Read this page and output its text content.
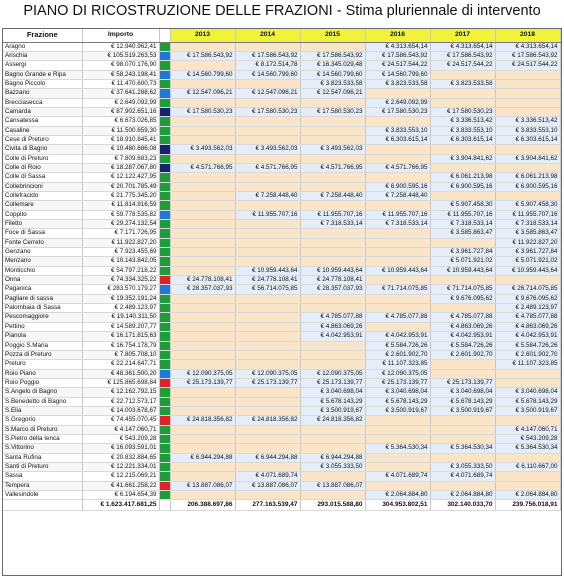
PIANO DI RICOSTRUZIONE DELLE FRAZIONI - Stima pluriennale di intervento
Frazione	Importo		2013	2014	2015	2016	2017	2018
Aragno	€ 12.940.962,41					€ 4.313.654,14	€ 4.313.654,14	€ 4.313.654,14
Arischia	€ 105.519.263,53		€ 17.586.543,92	€ 17.586.543,92	€ 17.586.543,92	€ 17.586.543,92	€ 17.586.543,92	€ 17.586.543,92
Assergi	€ 98.070.176,90			€ 8.172.514,78	€ 16.345.029,48	€ 24.517.544,22	€ 24.517.544,22	€ 24.517.544,22
Bagno Grande e Ripa	€ 58.243.198,41		€ 14.560.799,60	€ 14.560.799,60	€ 14.560.799,60	€ 14.560.799,60		
Bagno Piccolo	€ 11.470.600,73				€ 3.823.533,58	€ 3.823.533,58	€ 3.823.533,58	
Bazzano	€ 37.641.288,62		€ 12.547.096,21	€ 12.547.096,21	€ 12.547.096,21			
Brecciasecca	€ 2.649.092,99					€ 2.649.092,99		
Camarda	€ 87.902.651,16		€ 17.580.530,23	€ 17.580.530,23	€ 17.580.530,23	€ 17.580.530,23	€ 17.580.530,23	
Cansatessa	€ 6.673.026,85						€ 3.336.513,42	€ 3.336.513,42
Casaline	€ 11.500.659,30					€ 3.833.553,10	€ 3.833.553,10	€ 3.833.553,10
Cese di Preturo	€ 18.910.845,41					€ 6.303.615,14	€ 6.303.615,14	€ 6.303.615,14
Civita di Bagno	€ 10.480.686,08		€ 3.493.562,03	€ 3.493.562,03	€ 3.493.562,03			
Colle di Preturo	€ 7.809.683,23						€ 3.904.841,62	€ 3.904.841,62
Colle di Roio	€ 18.287.067,80		€ 4.571.766,95	€ 4.571.766,95	€ 4.571.766,95	€ 4.571.766,95		
Colle di Sassa	€ 12.122.427,95						€ 6.061.213,98	€ 6.061.213,98
Collebrincioni	€ 20.701.785,49					€ 6.900.595,16	€ 6.900.595,16	€ 6.900.595,16
Collefracido	€ 21.775.345,20			€ 7.258.448,40	€ 7.258.448,40	€ 7.258.448,40		
Collemare	€ 11.814.916,59						€ 5.907.458,30	€ 5.907.458,30
Coppito	€ 59.778.535,82			€ 11.955.707,16	€ 11.955.707,16	€ 11.955.707,16	€ 11.955.707,16	€ 11.955.707,16
Filetto	€ 29.274.132,54				€ 7.318.533,14	€ 7.318.533,14	€ 7.318.533,14	€ 7.318.533,14
Foce di Sassa	€ 7.171.726,95						€ 3.585.863,47	€ 3.585.863,47
Fonte Cerreto	€ 11.922.827,20							€ 11.922.827,20
Genzano	€ 7.923.455,69						€ 3.961.727,84	€ 3.961.727,84
Menzano	€ 10.143.842,05						€ 5.071.921,02	€ 5.071.921,02
Monticchio	€ 54.797.218,22			€ 10.959.443,64	€ 10.959.443,64	€ 10.959.443,64	€ 10.959.443,64	€ 10.959.443,64
Onna	€ 74.334.325,22		€ 24.778.108,41	€ 24.778.108,41	€ 24.778.108,41			
Paganica	€ 283.570.179,27		€ 28.357.037,93	€ 56.714.075,85	€ 28.357.037,93	€ 71.714.075,85	€ 71.714.075,85	€ 26.714.075,85
Pagliare di sassa	€ 19.352.191,24						€ 9.676.095,62	€ 9.676.095,62
Palombaia di Sassa	€ 2.489.123,97							€ 2.489.123,97
Pescomaggiore	€ 19.140.311,50				€ 4.785.077,88	€ 4.785.077,88	€ 4.785.077,88	€ 4.785.077,88
Pettino	€ 14.589.207,77				€ 4.863.069,26		€ 4.863.069,26	€ 4.863.069,26
Pianola	€ 16.171.815,63				€ 4.042.953,91	€ 4.042.953,91	€ 4.042.953,91	€ 4.042.953,91
Poggio S.Maria	€ 16.754.178,79					€ 5.584.726,26	€ 5.584.726,26	€ 5.584.726,26
Pozza di Preturo	€ 7.805.708,10					€ 2.601.902,70	€ 2.601.902,70	€ 2.601.902,70
Preturo	€ 22.214.647,71					€ 11.107.323,85		€ 11.107.323,85
Roio Piano	€ 48.361.500,20		€ 12.090.375,05	€ 12.090.375,05	€ 12.090.375,05	€ 12.090.375,05		
Roio Poggio	€ 125.865.698,84		€ 25.173.139,77	€ 25.173.139,77	€ 25.173.139,77	€ 25.173.139,77	€ 25.173.139,77	
S.Angelo di Bagno	€ 12.162.792,15				€ 3.040.698,04	€ 3.040.698,04	€ 3.040.698,04	€ 3.040.698,04
S.Benedetto di Bagno	€ 22.712.573,17				€ 5.678.143,29	€ 5.678.143,29	€ 5.678.143,29	€ 5.678.143,29
S.Elia	€ 14.003.678,67				€ 3.500.919,67	€ 3.500.919,67	€ 3.500.919,67	€ 3.500.919,67
S.Gregorio	€ 74.455.070,45		€ 24.818.356,82	€ 24.818.356,82	€ 24.818.356,82			
S.Marco di Preturo	€ 4.147.060,71							€ 4.147.060,71
S.Pietro della Ienca	€ 543.209,28							€ 543.209,28
S.Vittorino	€ 16.093.591,01					€ 5.364.530,34	€ 5.364.530,34	€ 5.364.530,34
Santa Rufina	€ 20.832.884,65		€ 6.944.294,88	€ 6.944.294,88	€ 6.944.294,88			
Santi di Preturo	€ 12.221.334,01				€ 3.055.333,50		€ 3.055.333,50	€ 6.110.667,00
Sassa	€ 12.215.069,21			€ 4.071.689,74		€ 4.071.689,74	€ 4.071.689,74	
Tempera	€ 41.661.258,22		€ 13.887.086,07	€ 13.887.086,07	€ 13.887.086,07			
Vallesindole	€ 6.194.654,39					€ 2.064.884,80	€ 2.064.884,80	€ 2.064.884,80
	€ 1.623.417.681,25		206.388.697,86	277.163.539,47	293.015.588,80	304.953.802,51	302.140.033,70	239.756.018,91
